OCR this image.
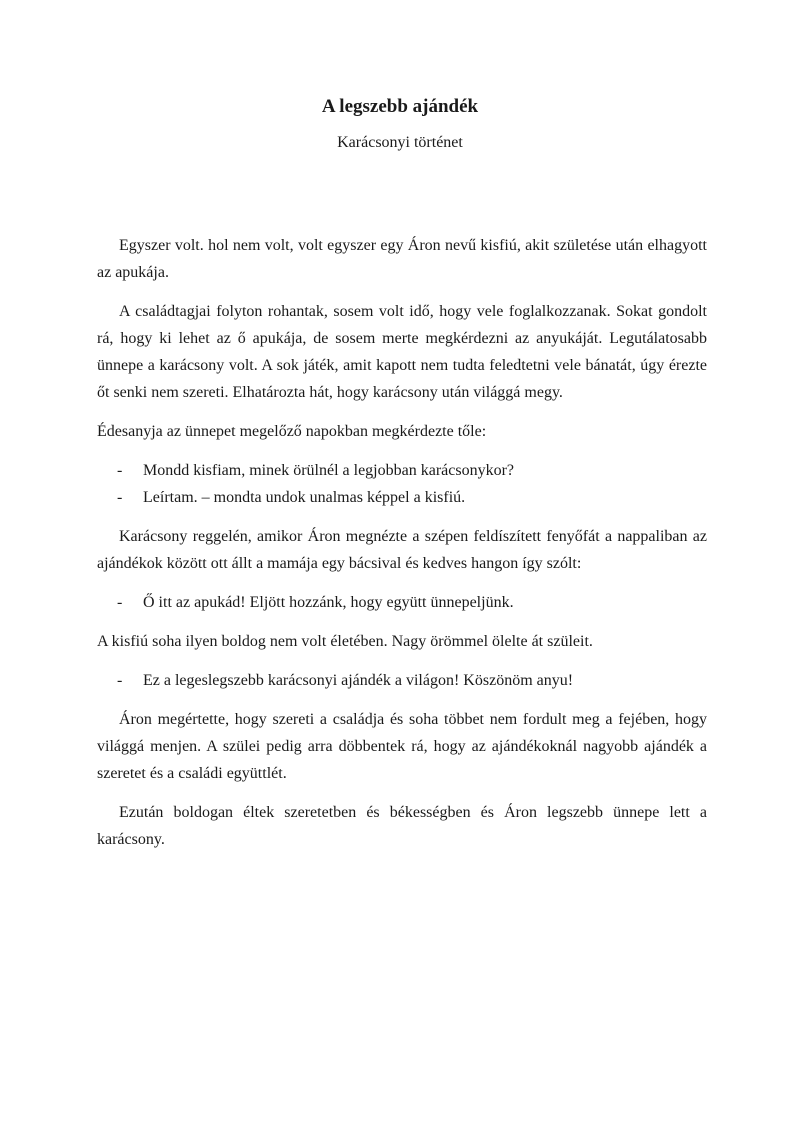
A legszebb ajándék
Karácsonyi történet

Egyszer volt. hol nem volt, volt egyszer egy Áron nevű kisfiú, akit születése után elhagyott az apukája.

A családtagjai folyton rohantak, sosem volt idő, hogy vele foglalkozzanak. Sokat gondolt rá, hogy ki lehet az ő apukája, de sosem merte megkérdezni az anyukáját. Legutálatosabb ünnepe a karácsony volt. A sok játék, amit kapott nem tudta feledtetni vele bánatát, úgy érezte őt senki nem szereti. Elhatározta hát, hogy karácsony után világgá megy.

Édesanyja az ünnepet megelőző napokban megkérdezte tőle:

- Mondd kisfiam, minek örülnél a legjobban karácsonykor?
- Leírtam. – mondta undok unalmas képpel a kisfiú.

Karácsony reggelén, amikor Áron megnézte a szépen feldíszített fenyőfát a nappaliban az ajándékok között ott állt a mamája egy bácsival és kedves hangon így szólt:

- Ő itt az apukád! Eljött hozzánk, hogy együtt ünnepeljünk.

A kisfiú soha ilyen boldog nem volt életében. Nagy örömmel ölelte át szüleit.

- Ez a legeslegszebb karácsonyi ajándék a világon! Köszönöm anyu!

Áron megértette, hogy szereti a családja és soha többet nem fordult meg a fejében, hogy világgá menjen. A szülei pedig arra döbbentek rá, hogy az ajándékoknál nagyobb ajándék a szeretet és a családi együttlét.

Ezután boldogan éltek szeretetben és békességben és Áron legszebb ünnepe lett a karácsony.
